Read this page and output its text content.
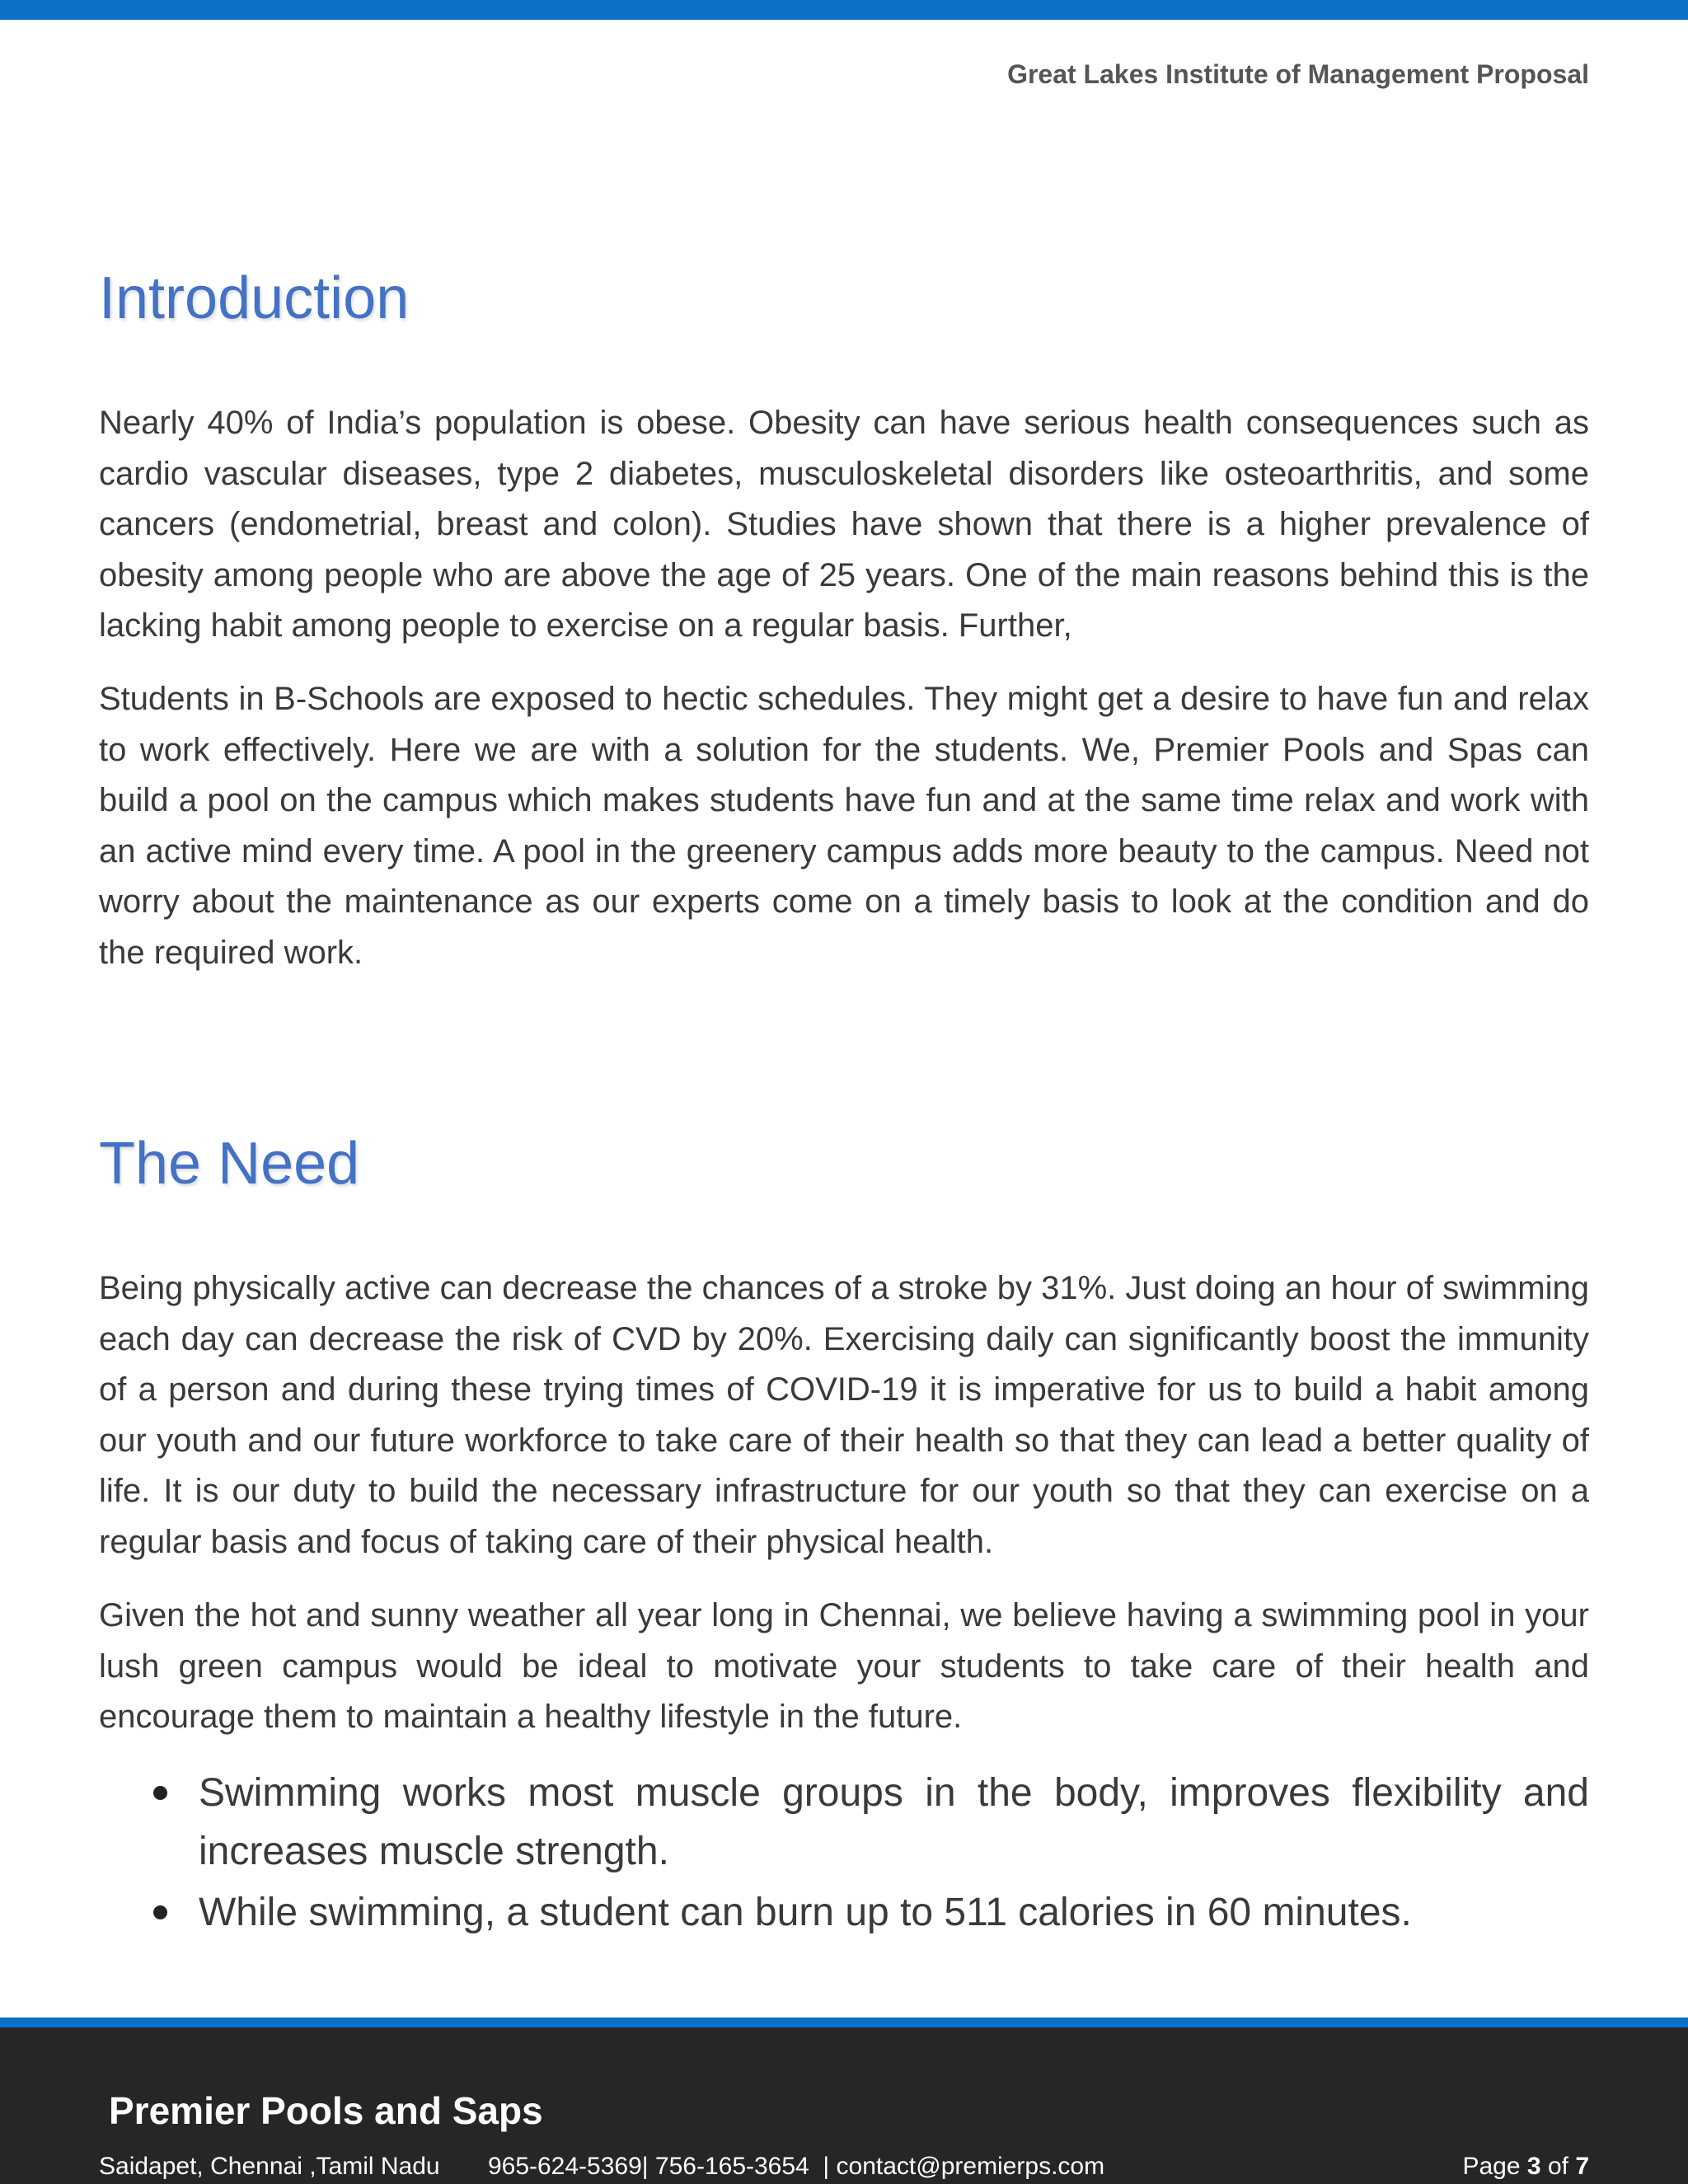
Great Lakes Institute of Management Proposal
Introduction

Nearly 40% of India’s population is obese. Obesity can have serious health consequences such as cardio vascular diseases, type 2 diabetes, musculoskeletal disorders like osteoarthritis, and some cancers (endometrial, breast and colon). Studies have shown that there is a higher prevalence of obesity among people who are above the age of 25 years. One of the main reasons behind this is the lacking habit among people to exercise on a regular basis. Further,

Students in B-Schools are exposed to hectic schedules. They might get a desire to have fun and relax to work effectively. Here we are with a solution for the students. We, Premier Pools and Spas can build a pool on the campus which makes students have fun and at the same time relax and work with an active mind every time. A pool in the greenery campus adds more beauty to the campus. Need not worry about the maintenance as our experts come on a timely basis to look at the condition and do the required work.

The Need

Being physically active can decrease the chances of a stroke by 31%. Just doing an hour of swimming each day can decrease the risk of CVD by 20%. Exercising daily can significantly boost the immunity of a person and during these trying times of COVID-19 it is imperative for us to build a habit among our youth and our future workforce to take care of their health so that they can lead a better quality of life. It is our duty to build the necessary infrastructure for our youth so that they can exercise on a regular basis and focus of taking care of their physical health.

Given the hot and sunny weather all year long in Chennai, we believe having a swimming pool in your lush green campus would be ideal to motivate your students to take care of their health and encourage them to maintain a healthy lifestyle in the future.

Swimming works most muscle groups in the body, improves flexibility and increases muscle strength.
While swimming, a student can burn up to 511 calories in 60 minutes.
Premier Pools and Saps
Saidapet, Chennai ,Tamil Nadu 965-624-5369| 756-165-3654 | contact@premierps.com	Page 3 of 7
